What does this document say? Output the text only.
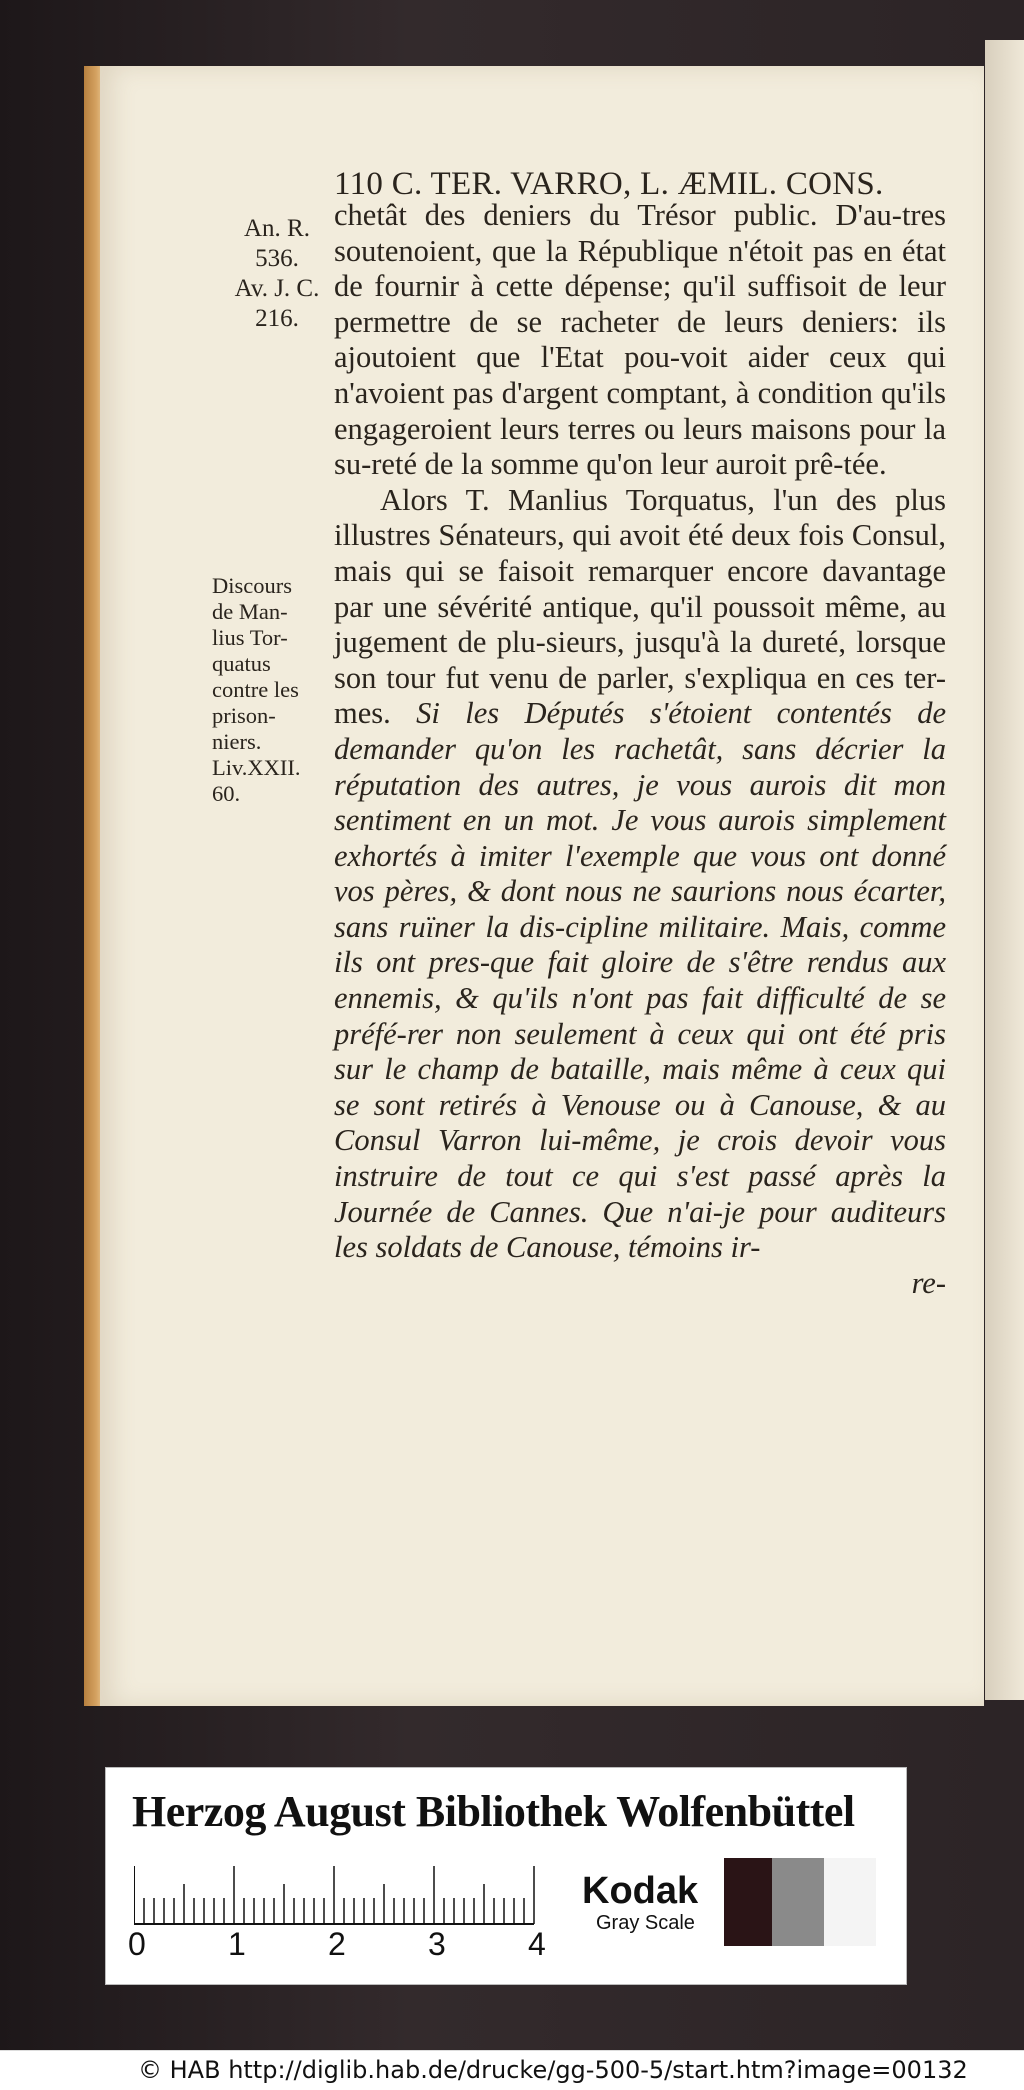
110 C. TER. VARRO, L. ÆMIL. CONS.
An. R.
536.
Av. J. C.
216.
Discours
de Man-
lius Tor-
quatus
contre les
prison-
niers.
Liv.XXII.
60.

chetât des deniers du Trésor public. D'au-tres soutenoient, que la République n'étoit pas en état de fournir à cette dépense; qu'il suffisoit de leur permettre de se racheter de leurs deniers: ils ajoutoient que l'Etat pou-voit aider ceux qui n'avoient pas d'argent comptant, à condition qu'ils engageroient leurs terres ou leurs maisons pour la su-reté de la somme qu'on leur auroit prê-tée.

Alors T. Manlius Torquatus, l'un des plus illustres Sénateurs, qui avoit été deux fois Consul, mais qui se faisoit remarquer encore davantage par une sévérité antique, qu'il poussoit même, au jugement de plu-sieurs, jusqu'à la dureté, lorsque son tour fut venu de parler, s'expliqua en ces ter-mes. Si les Députés s'étoient contentés de demander qu'on les rachetât, sans décrier la réputation des autres, je vous aurois dit mon sentiment en un mot. Je vous aurois simplement exhortés à imiter l'exemple que vous ont donné vos pères, & dont nous ne saurions nous écarter, sans ruïner la dis-cipline militaire. Mais, comme ils ont pres-que fait gloire de s'être rendus aux ennemis, & qu'ils n'ont pas fait difficulté de se préfé-rer non seulement à ceux qui ont été pris sur le champ de bataille, mais même à ceux qui se sont retirés à Venouse ou à Canouse, & au Consul Varron lui-même, je crois devoir vous instruire de tout ce qui s'est passé après la Journée de Cannes. Que n'ai-je pour auditeurs les soldats de Canouse, témoins ir-

re-

Herzog August Bibliothek Wolfenbüttel
0	1	2	3	4
Kodak
Gray Scale
© HAB http://diglib.hab.de/drucke/gg-500-5/start.htm?image=00132
